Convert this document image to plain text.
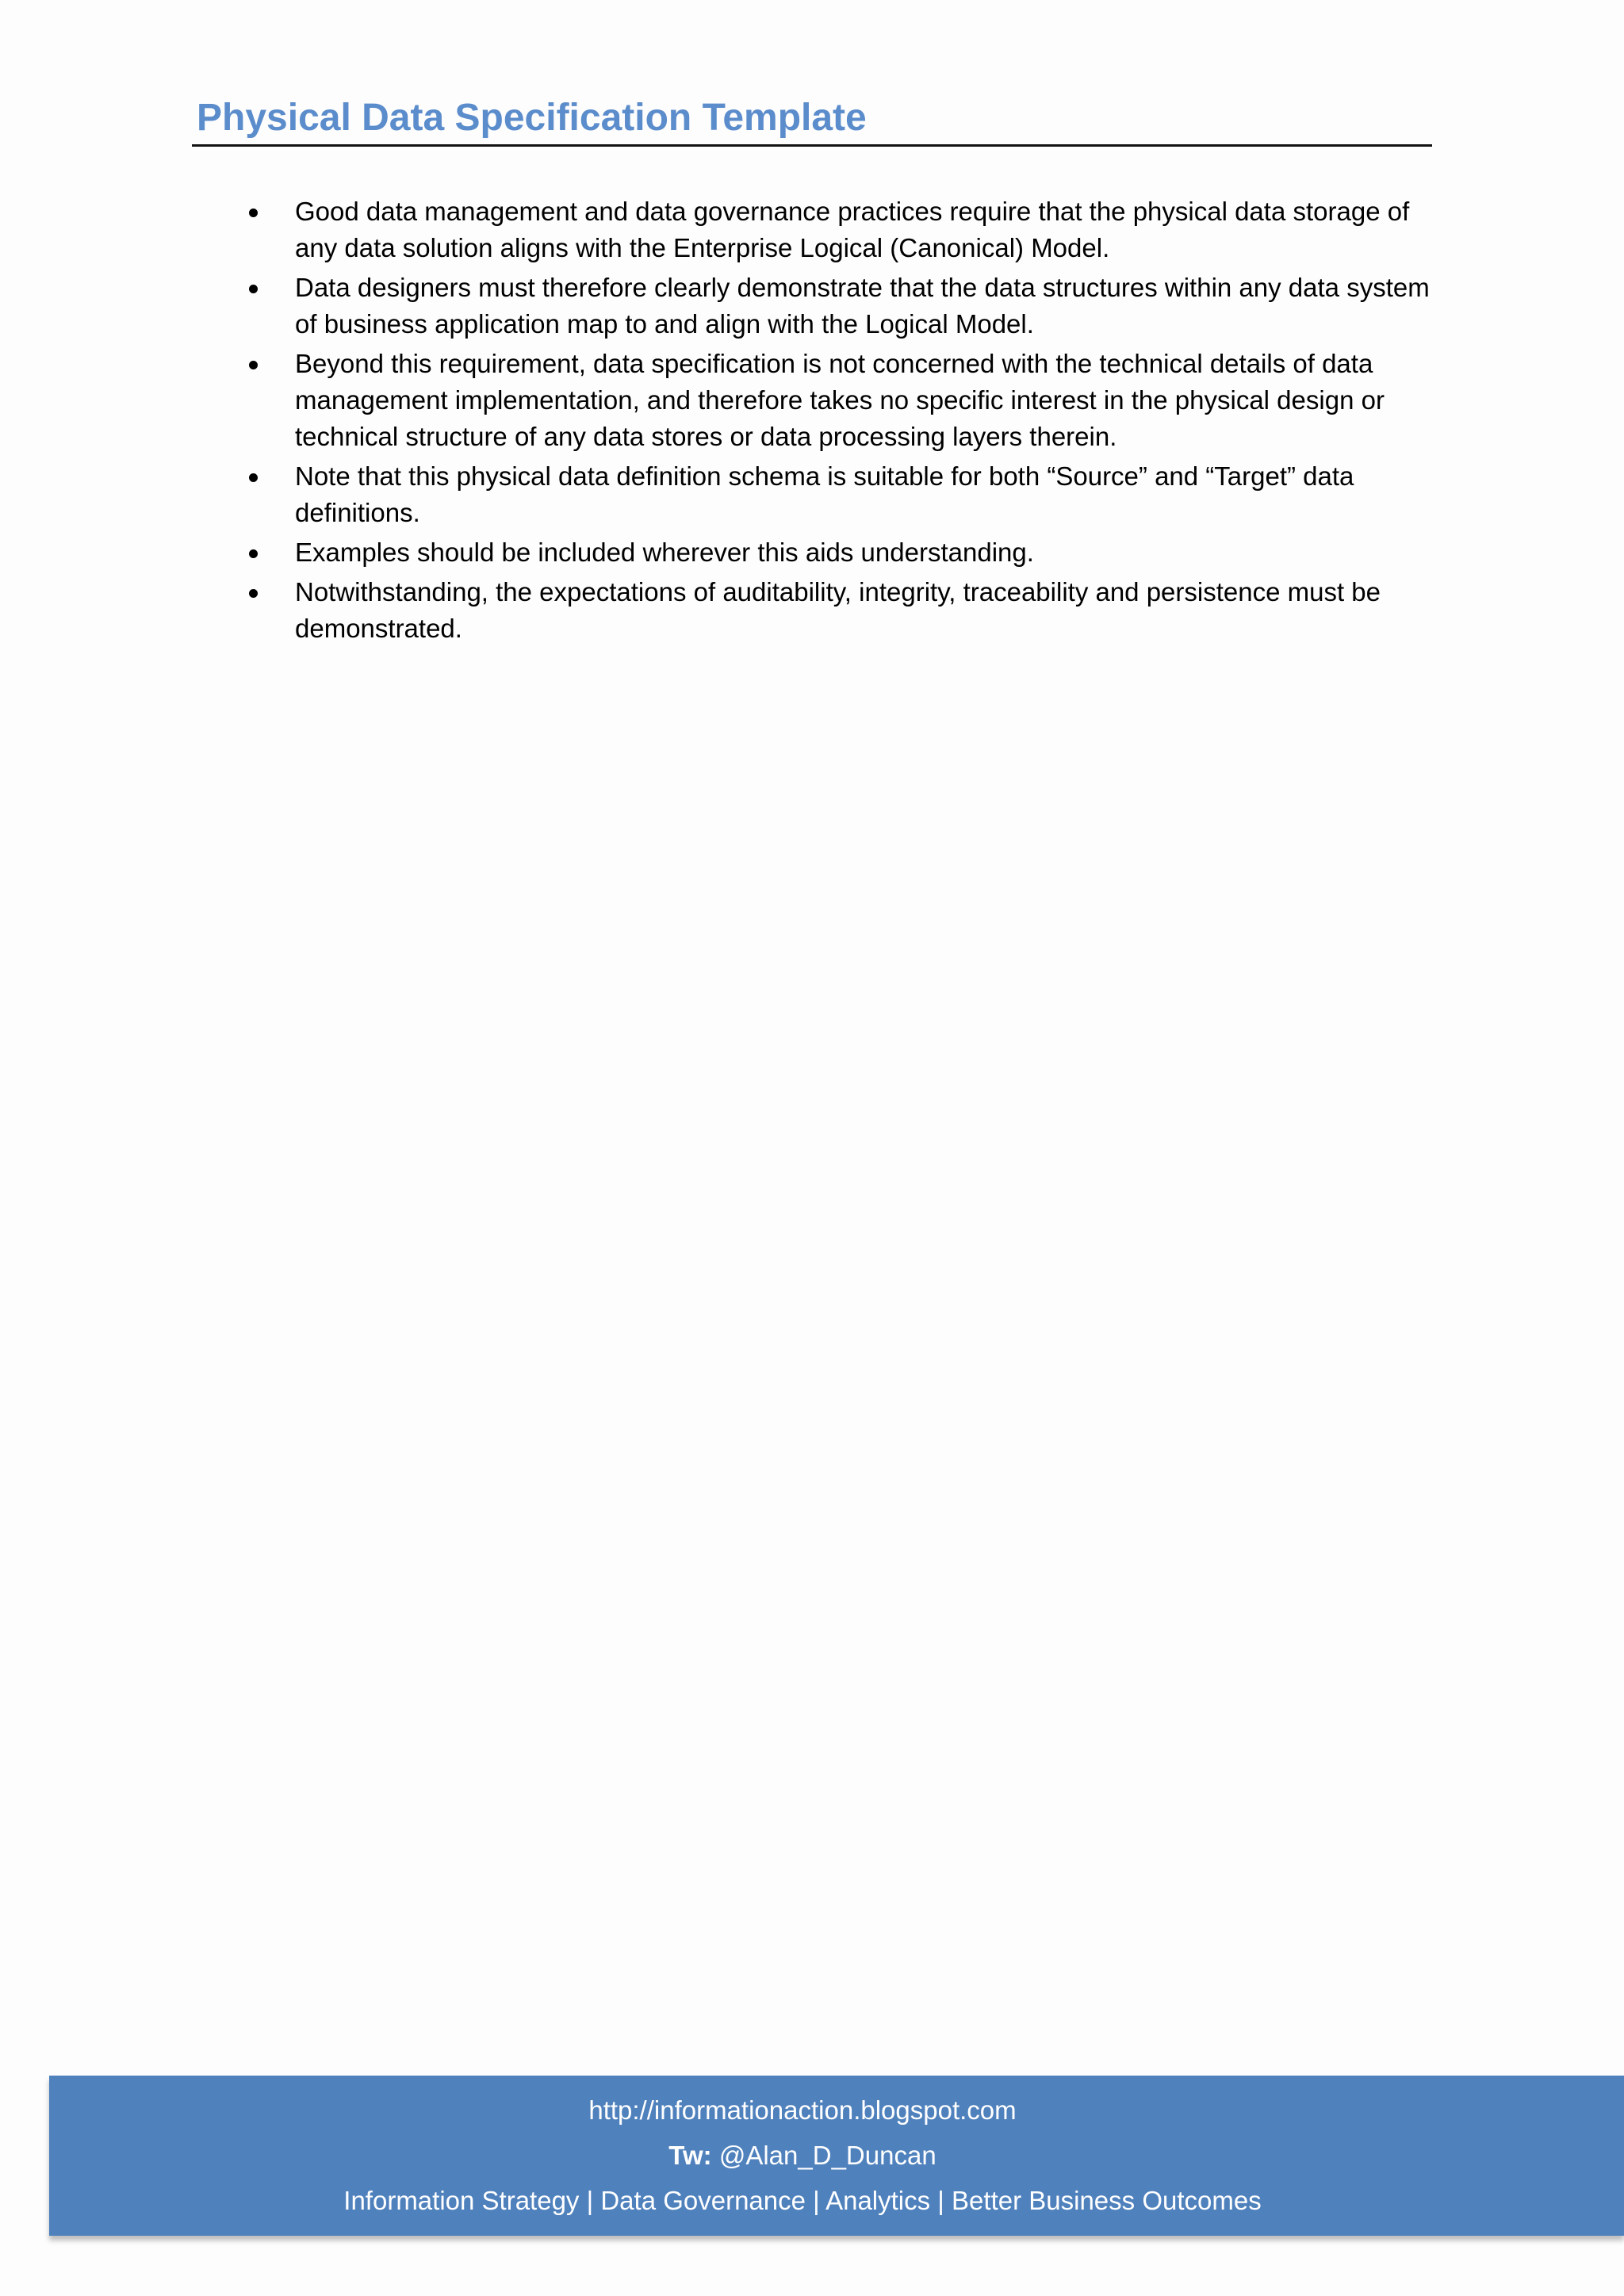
Physical Data Specification Template
Good data management and data governance practices require that the physical data storage of any data solution aligns with the Enterprise Logical (Canonical) Model.
Data designers must therefore clearly demonstrate that the data structures within any data system of business application map to and align with the Logical Model.
Beyond this requirement, data specification is not concerned with the technical details of data management implementation, and therefore takes no specific interest in the physical design or technical structure of any data stores or data processing layers therein.
Note that this physical data definition schema is suitable for both “Source” and “Target” data definitions.
Examples should be included wherever this aids understanding.
Notwithstanding, the expectations of auditability, integrity, traceability and persistence must be demonstrated.
http://informationaction.blogspot.com
Tw: @Alan_D_Duncan
Information Strategy | Data Governance | Analytics | Better Business Outcomes
